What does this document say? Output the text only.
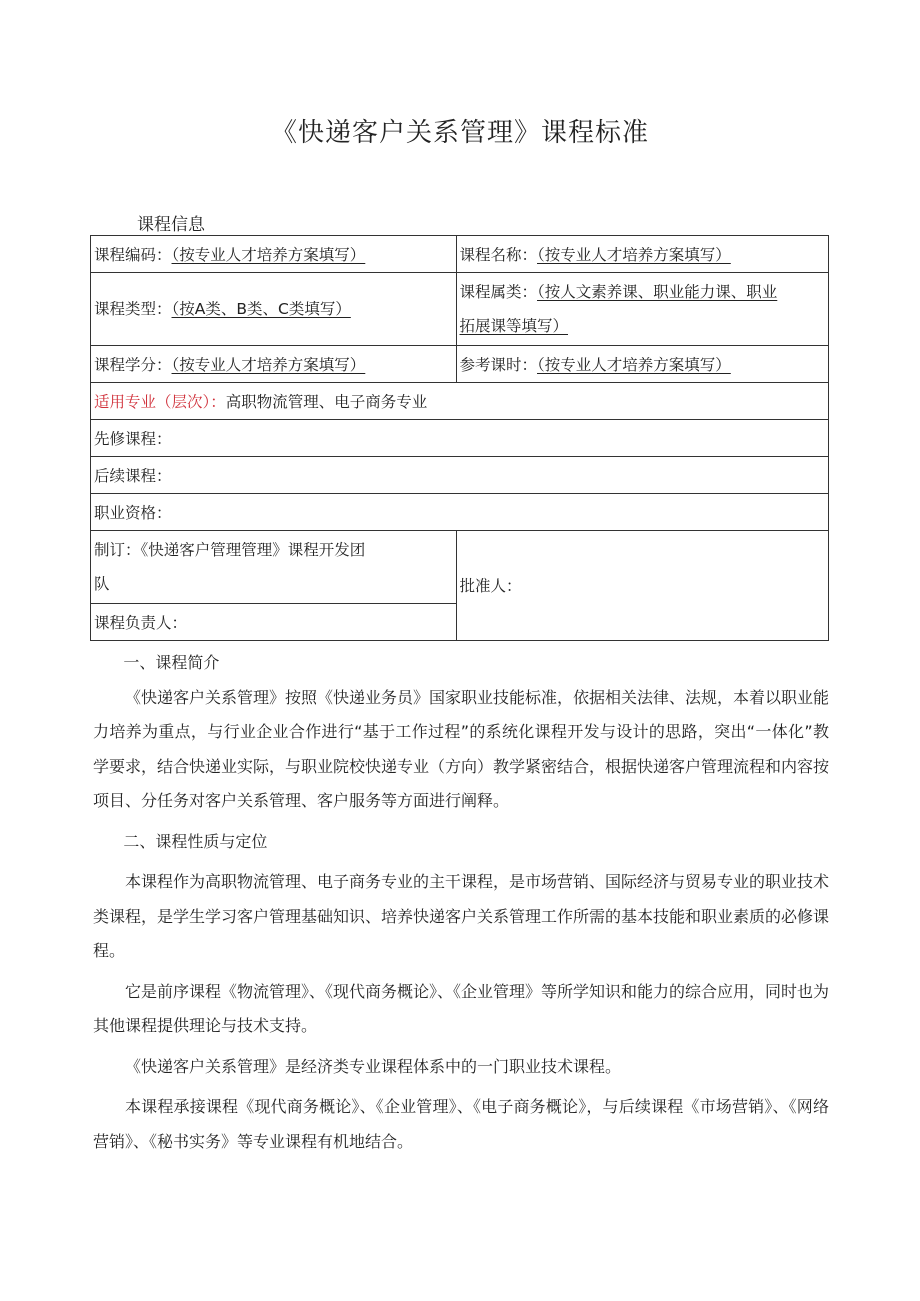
《快递客户关系管理》课程标准
课程信息
课程编码：（按专业人才培养方案填写）	课程名称：（按专业人才培养方案填写）
课程类型：（按A类、B类、C类填写）	课程属类：（按人文素养课、职业能力课、职业
拓展课等填写）
课程学分：（按专业人才培养方案填写）	参考课时：（按专业人才培养方案填写）
适用专业（层次）：高职物流管理、电子商务专业	
先修课程：	
后续课程：	
职业资格：	
制订：《快递客户管理管理》课程开发团
队	批准人：
课程负责人：	

一、课程简介

《快递客户关系管理》按照《快递业务员》国家职业技能标准，依据相关法律、法规，本着以职业能力培养为重点，与行业企业合作进行“基于工作过程”的系统化课程开发与设计的思路，突出“一体化”教学要求，结合快递业实际，与职业院校快递专业（方向）教学紧密结合，根据快递客户管理流程和内容按项目、分任务对客户关系管理、客户服务等方面进行阐释。

二、课程性质与定位

本课程作为高职物流管理、电子商务专业的主干课程，是市场营销、国际经济与贸易专业的职业技术类课程，是学生学习客户管理基础知识、培养快递客户关系管理工作所需的基本技能和职业素质的必修课程。

它是前序课程《物流管理》、《现代商务概论》、《企业管理》等所学知识和能力的综合应用，同时也为其他课程提供理论与技术支持。

《快递客户关系管理》是经济类专业课程体系中的一门职业技术课程。

本课程承接课程《现代商务概论》、《企业管理》、《电子商务概论》，与后续课程《市场营销》、《网络营销》、《秘书实务》等专业课程有机地结合。
